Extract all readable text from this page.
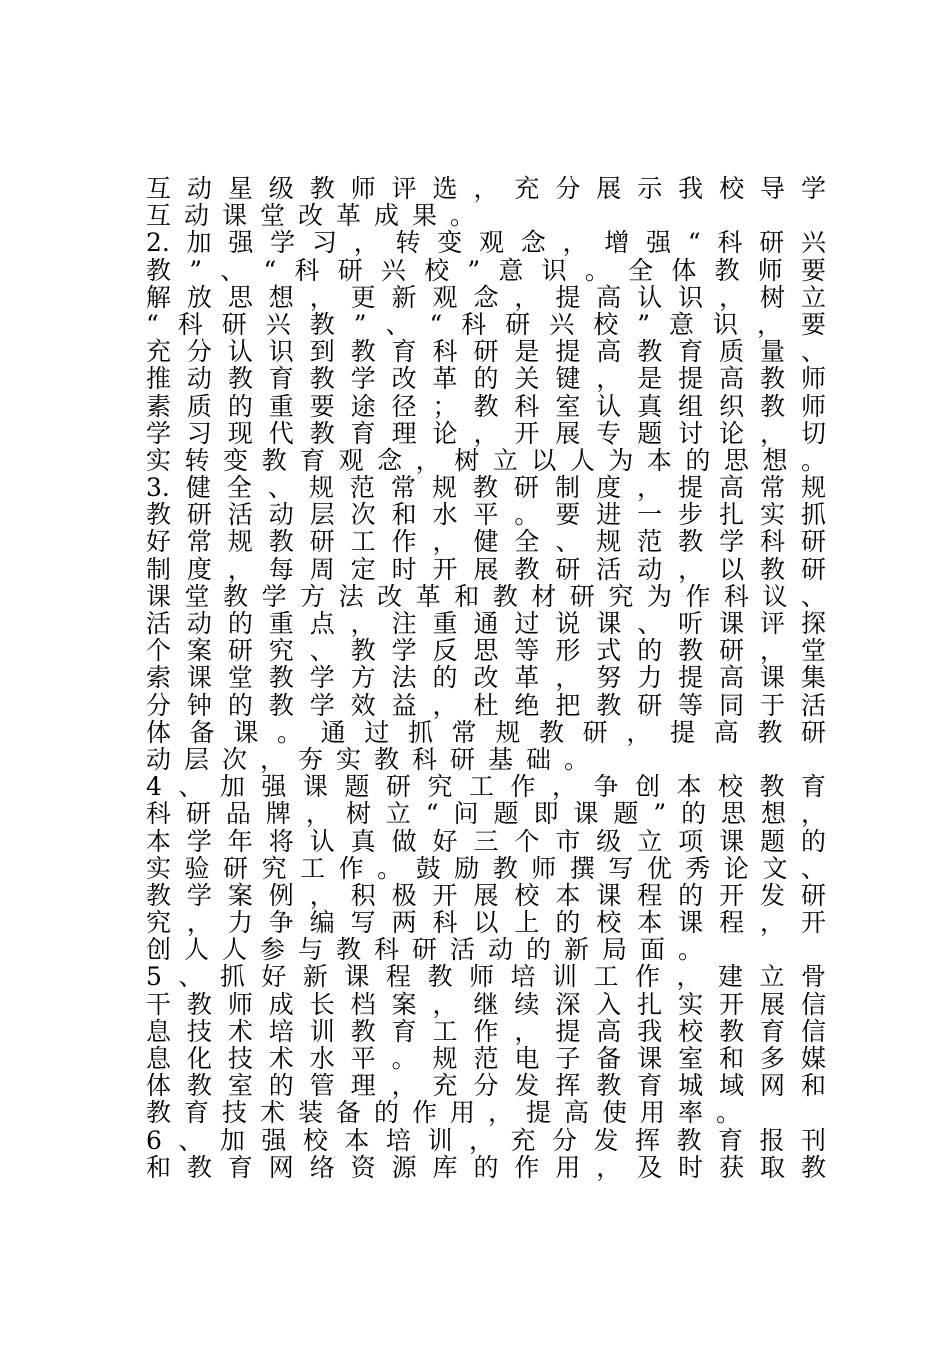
互动星级教师评选，充分展示我校导学
互动课堂改革成果。
2.加强学习，转变观念，增强“科研兴
教”、“科研兴校”意识。全体教师要
解放思想，更新观念，提高认识，树立
“科研兴教”、“科研兴校”意识，要
充分认识到教育科研是提高教育质量、
推动教育教学改革的关键，是提高教师
素质的重要途径；教科室认真组织教师
学习现代教育理论，开展专题讨论，切
实转变教育观念，树立以人为本的思想。
3.健全、规范常规教研制度，提高常规
教研活动层次和水平。要进一步扎实抓
好常规教研工作，健全、规范教学科研
制度，每周定时开展教研活动，以教研
课堂教学方法改革和教材研究为作科议、
活动的重点，注重通过说课、听课评探
个案研究、教学反思等形式的教研，堂
索课堂教学方法的改革，努力提高课集
分钟的教学效益，杜绝把教研等同于活
体备课。通过抓常规教研，提高教研
动层次，夯实教科研基础。
4、加强课题研究工作，争创本校教育
科研品牌，树立“问题即课题”的思想，
本学年将认真做好三个市级立项课题的
实验研究工作。鼓励教师撰写优秀论文、
教学案例，积极开展校本课程的开发研
究，力争编写两科以上的校本课程，开
创人人参与教科研活动的新局面。
5、抓好新课程教师培训工作，建立骨
干教师成长档案，继续深入扎实开展信
息技术培训教育工作，提高我校教育信
息化技术水平。规范电子备课室和多媒
体教室的管理，充分发挥教育城域网和
教育技术装备的作用，提高使用率。
6、加强校本培训，充分发挥教育报刊
和教育网络资源库的作用，及时获取教
